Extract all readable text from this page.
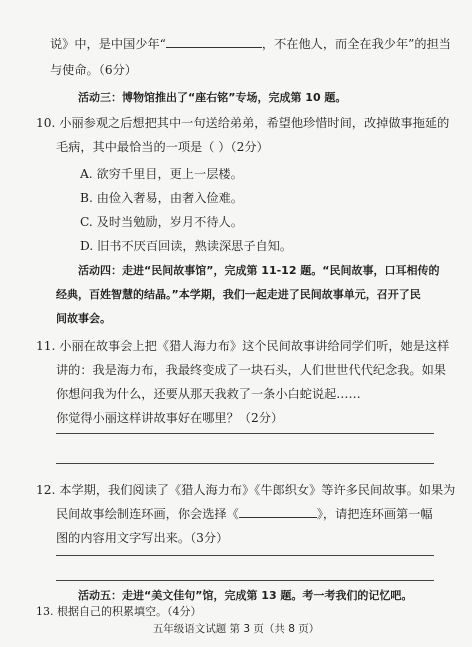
说》中，是中国少年“	，不在他人，而全在我少年”的担当
与使命。（6分）
活动三：博物馆推出了“座右铭”专场，完成第 10 题。
10. 小丽参观之后想把其中一句送给弟弟，希望他珍惜时间，改掉做事拖延的
毛病，其中最恰当的一项是（ ）（2分）
A. 欲穷千里目，更上一层楼。
B. 由俭入奢易，由奢入俭难。
C. 及时当勉励，岁月不待人。
D. 旧书不厌百回读，熟读深思子自知。
活动四：走进“民间故事馆”，完成第 11-12 题。“民间故事，口耳相传的
经典，百姓智慧的结晶。”本学期，我们一起走进了民间故事单元，召开了民
间故事会。
11. 小丽在故事会上把《猎人海力布》这个民间故事讲给同学们听，她是这样
讲的：我是海力布，我最终变成了一块石头，人们世世代代纪念我。如果
你想问我为什么，还要从那天我救了一条小白蛇说起……
你觉得小丽这样讲故事好在哪里？（2分）
12. 本学期，我们阅读了《猎人海力布》《牛郎织女》等许多民间故事。如果为
民间故事绘制连环画，你会选择《	》，请把连环画第一幅
图的内容用文字写出来。（3分）
活动五：走进“美文佳句”馆，完成第 13 题。考一考我们的记忆吧。
13. 根据自己的积累填空。（4分）
五年级语文试题 第 3 页（共 8 页）
